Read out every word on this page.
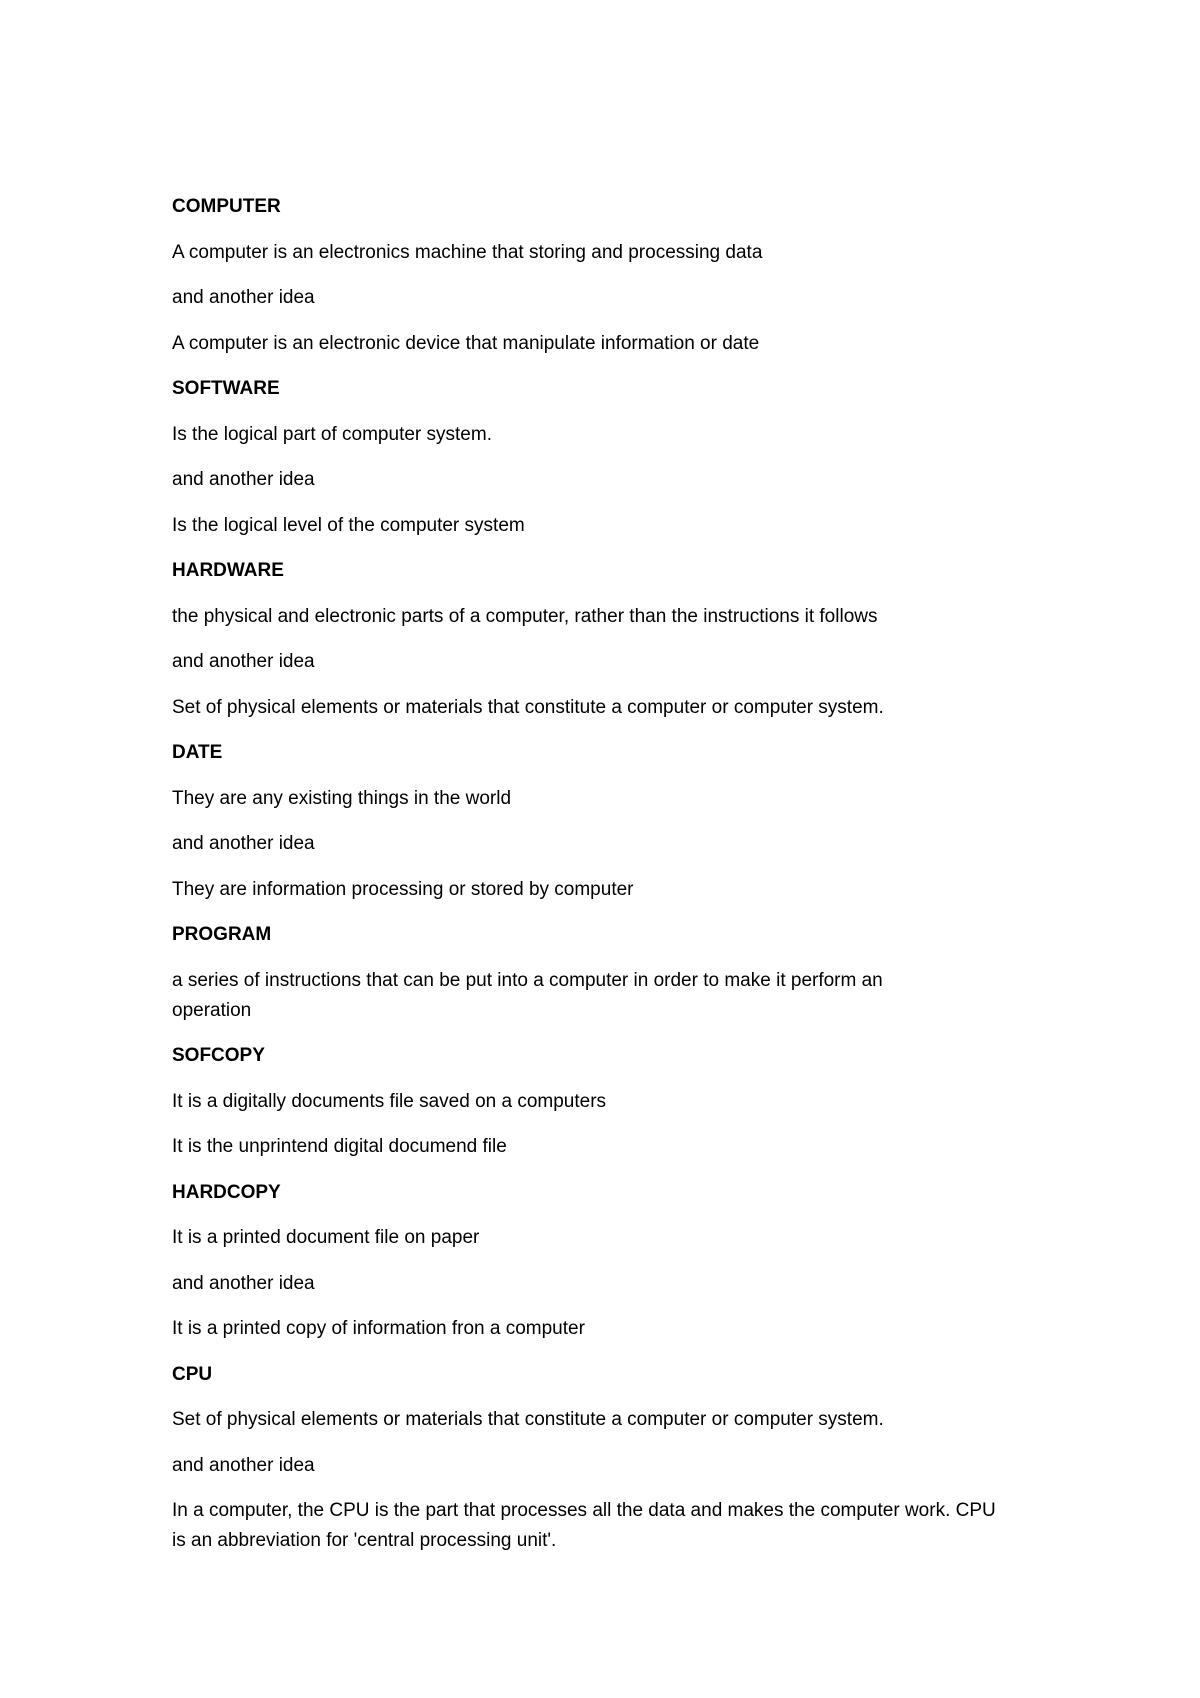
COMPUTER

A computer is an electronics machine that storing and processing data

and another idea

A computer is an electronic device that manipulate information or date

SOFTWARE

Is the logical part of computer system.

and another idea

Is the logical level of the computer system

HARDWARE

the physical and electronic parts of a computer, rather than the instructions it follows

and another idea

Set of physical elements or materials that constitute a computer or computer system.

DATE

They are any existing things in the world

and another idea

They are information processing or stored by computer

PROGRAM

a series of instructions that can be put into a computer in order to make it perform an operation

SOFCOPY

It is a digitally documents file saved on a computers

It is the unprintend digital documend file

HARDCOPY

It is a printed document file on paper

and another idea

It is a printed copy of information fron a computer

CPU

Set of physical elements or materials that constitute a computer or computer system.

and another idea

In a computer, the CPU is the part that processes all the data and makes the computer work. CPU is an abbreviation for 'central processing unit'.
